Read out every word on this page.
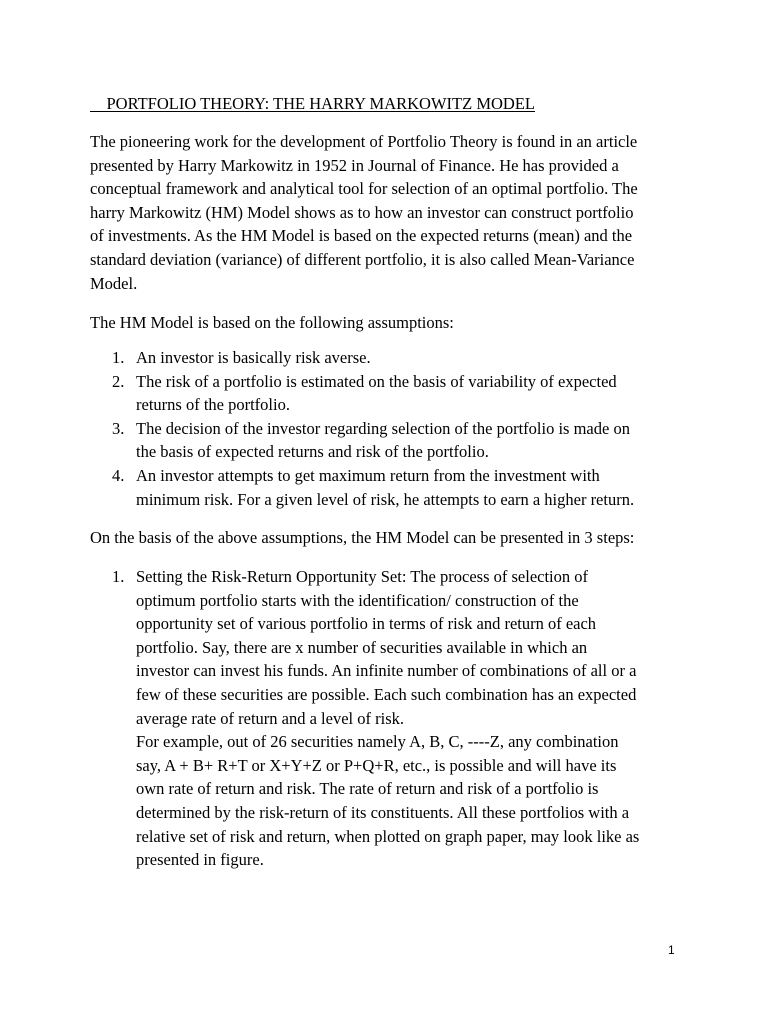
PORTFOLIO THEORY: THE HARRY MARKOWITZ MODEL

The pioneering work for the development of Portfolio Theory is found in an article
presented by Harry Markowitz in 1952 in Journal of Finance. He has provided a
conceptual framework and analytical tool for selection of an optimal portfolio. The
harry Markowitz (HM) Model shows as to how an investor can construct portfolio
of investments. As the HM Model is based on the expected returns (mean) and the
standard deviation (variance) of different portfolio, it is also called Mean-Variance
Model.

The HM Model is based on the following assumptions:

1. An investor is basically risk averse.
2. The risk of a portfolio is estimated on the basis of variability of expected
returns of the portfolio.
3. The decision of the investor regarding selection of the portfolio is made on
the basis of expected returns and risk of the portfolio.
4. An investor attempts to get maximum return from the investment with
minimum risk. For a given level of risk, he attempts to earn a higher return.

On the basis of the above assumptions, the HM Model can be presented in 3 steps:

1. Setting the Risk-Return Opportunity Set: The process of selection of
optimum portfolio starts with the identification/ construction of the
opportunity set of various portfolio in terms of risk and return of each
portfolio. Say, there are x number of securities available in which an
investor can invest his funds. An infinite number of combinations of all or a
few of these securities are possible. Each such combination has an expected
average rate of return and a level of risk.
For example, out of 26 securities namely A, B, C, ----Z, any combination
say, A + B+ R+T or X+Y+Z or P+Q+R, etc., is possible and will have its
own rate of return and risk. The rate of return and risk of a portfolio is
determined by the risk-return of its constituents. All these portfolios with a
relative set of risk and return, when plotted on graph paper, may look like as
presented in figure.
1
